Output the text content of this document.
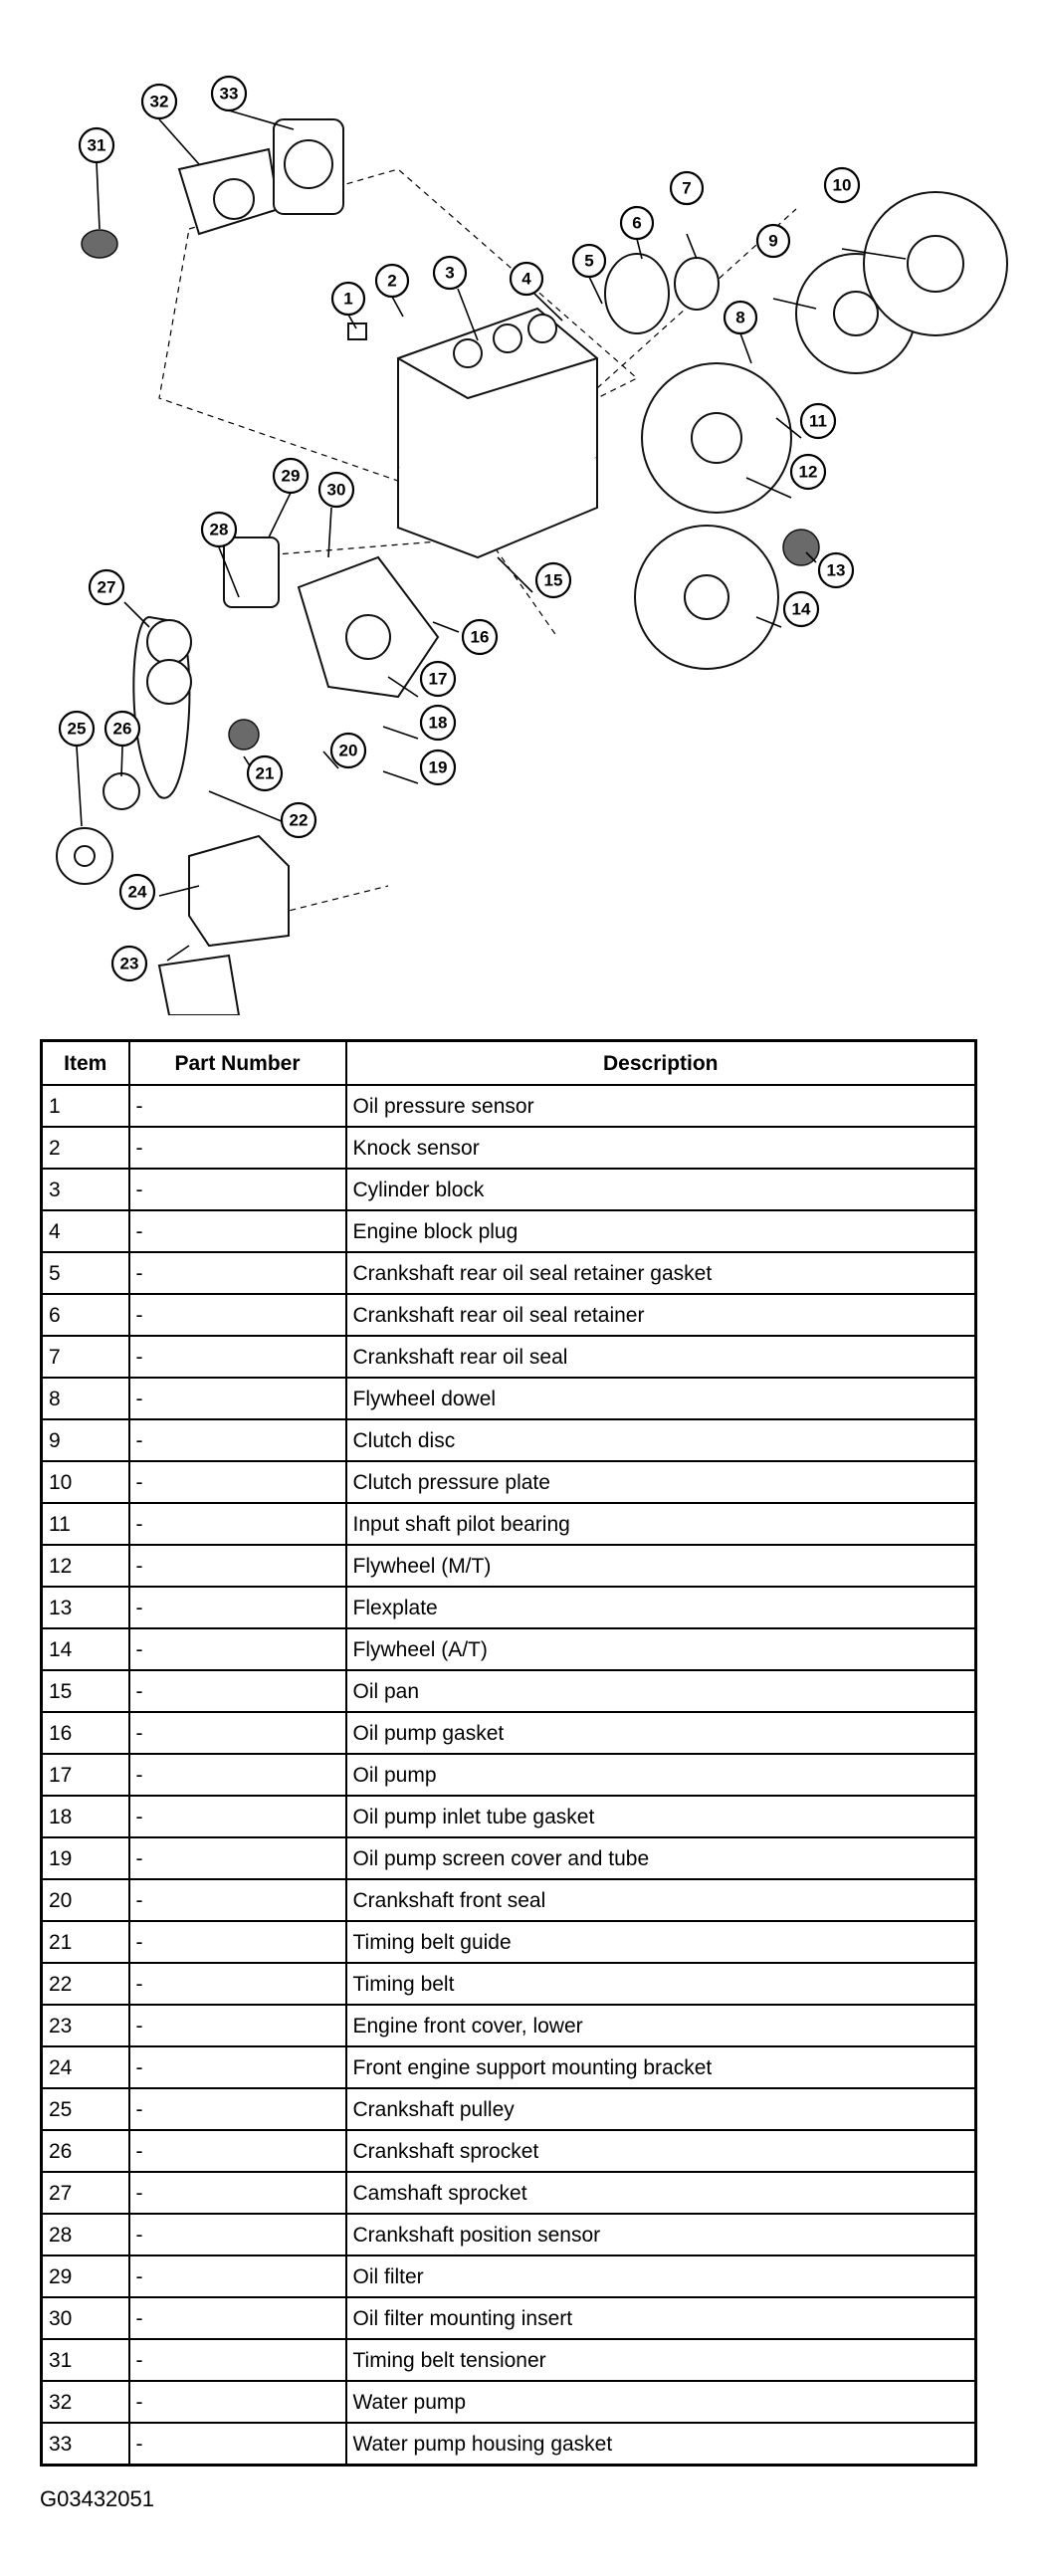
1
2	3	4
5
6
7
8
9
10
11
12
13
14
15
16
17
18
19
20
21
22
23
24
25 26
27
28
29
30
31
32	33
Item	Part Number	Description
1	-	Oil pressure sensor
2	-	Knock sensor
3	-	Cylinder block
4	-	Engine block plug
5	-	Crankshaft rear oil seal retainer gasket
6	-	Crankshaft rear oil seal retainer
7	-	Crankshaft rear oil seal
8	-	Flywheel dowel
9	-	Clutch disc
10	-	Clutch pressure plate
11	-	Input shaft pilot bearing
12	-	Flywheel (M/T)
13	-	Flexplate
14	-	Flywheel (A/T)
15	-	Oil pan
16	-	Oil pump gasket
17	-	Oil pump
18	-	Oil pump inlet tube gasket
19	-	Oil pump screen cover and tube
20	-	Crankshaft front seal
21	-	Timing belt guide
22	-	Timing belt
23	-	Engine front cover, lower
24	-	Front engine support mounting bracket
25	-	Crankshaft pulley
26	-	Crankshaft sprocket
27	-	Camshaft sprocket
28	-	Crankshaft position sensor
29	-	Oil filter
30	-	Oil filter mounting insert
31	-	Timing belt tensioner
32	-	Water pump
33	-	Water pump housing gasket
G03432051
